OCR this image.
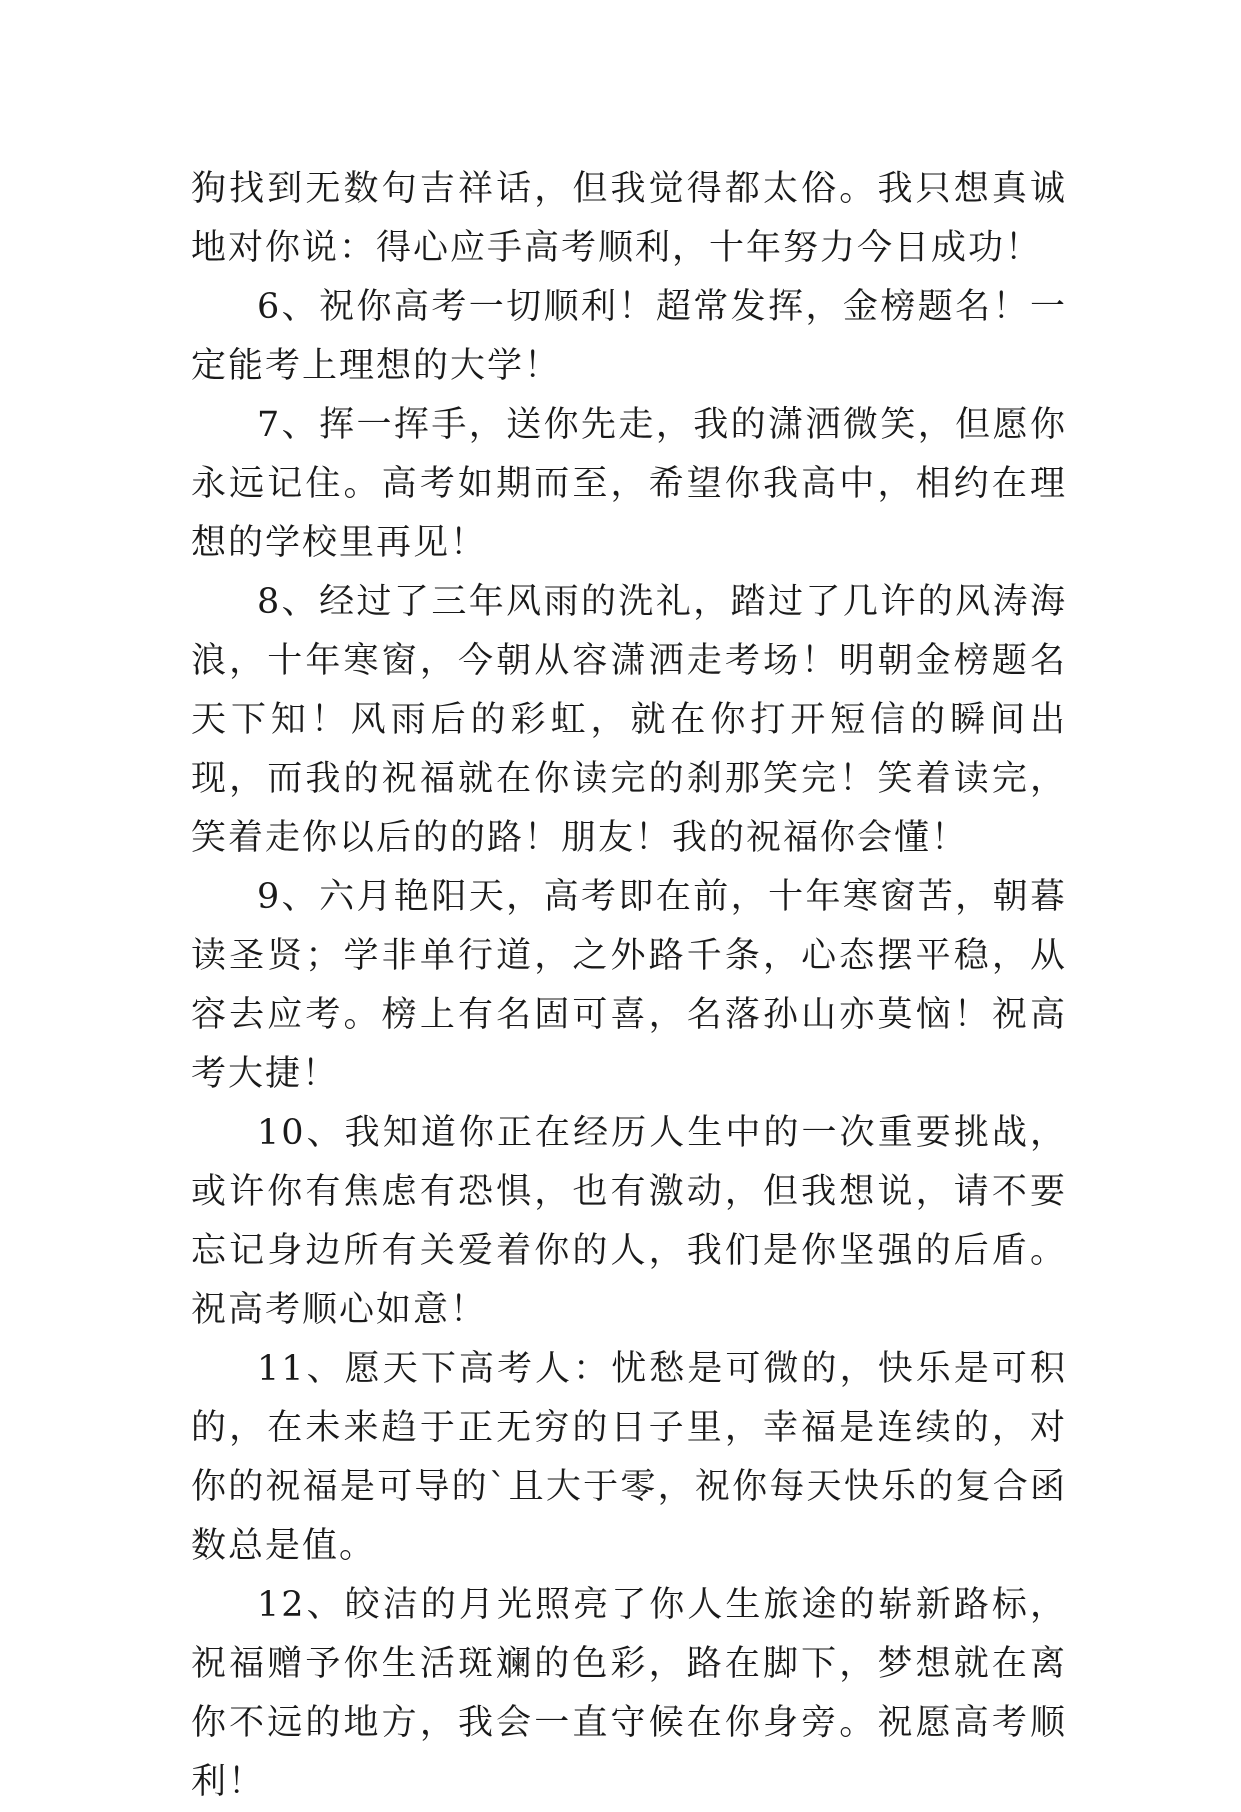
狗找到无数句吉祥话，但我觉得都太俗。我只想真诚地对你说：得心应手高考顺利，十年努力今日成功！

6、祝你高考一切顺利！超常发挥，金榜题名！一定能考上理想的大学！

7、挥一挥手，送你先走，我的潇洒微笑，但愿你永远记住。高考如期而至，希望你我高中，相约在理想的学校里再见！

8、经过了三年风雨的洗礼，踏过了几许的风涛海浪，十年寒窗，今朝从容潇洒走考场！明朝金榜题名天下知！风雨后的彩虹，就在你打开短信的瞬间出现，而我的祝福就在你读完的刹那笑完！笑着读完，笑着走你以后的的路！朋友！我的祝福你会懂！

9、六月艳阳天，高考即在前，十年寒窗苦，朝暮读圣贤；学非单行道，之外路千条，心态摆平稳，从容去应考。榜上有名固可喜，名落孙山亦莫恼！祝高考大捷！

10、我知道你正在经历人生中的一次重要挑战，或许你有焦虑有恐惧，也有激动，但我想说，请不要忘记身边所有关爱着你的人，我们是你坚强的后盾。祝高考顺心如意！

11、愿天下高考人：忧愁是可微的，快乐是可积的，在未来趋于正无穷的日子里，幸福是连续的，对你的祝福是可导的`且大于零，祝你每天快乐的复合函数总是值。

12、皎洁的月光照亮了你人生旅途的崭新路标，祝福赠予你生活斑斓的色彩，路在脚下，梦想就在离你不远的地方，我会一直守候在你身旁。祝愿高考顺利！
